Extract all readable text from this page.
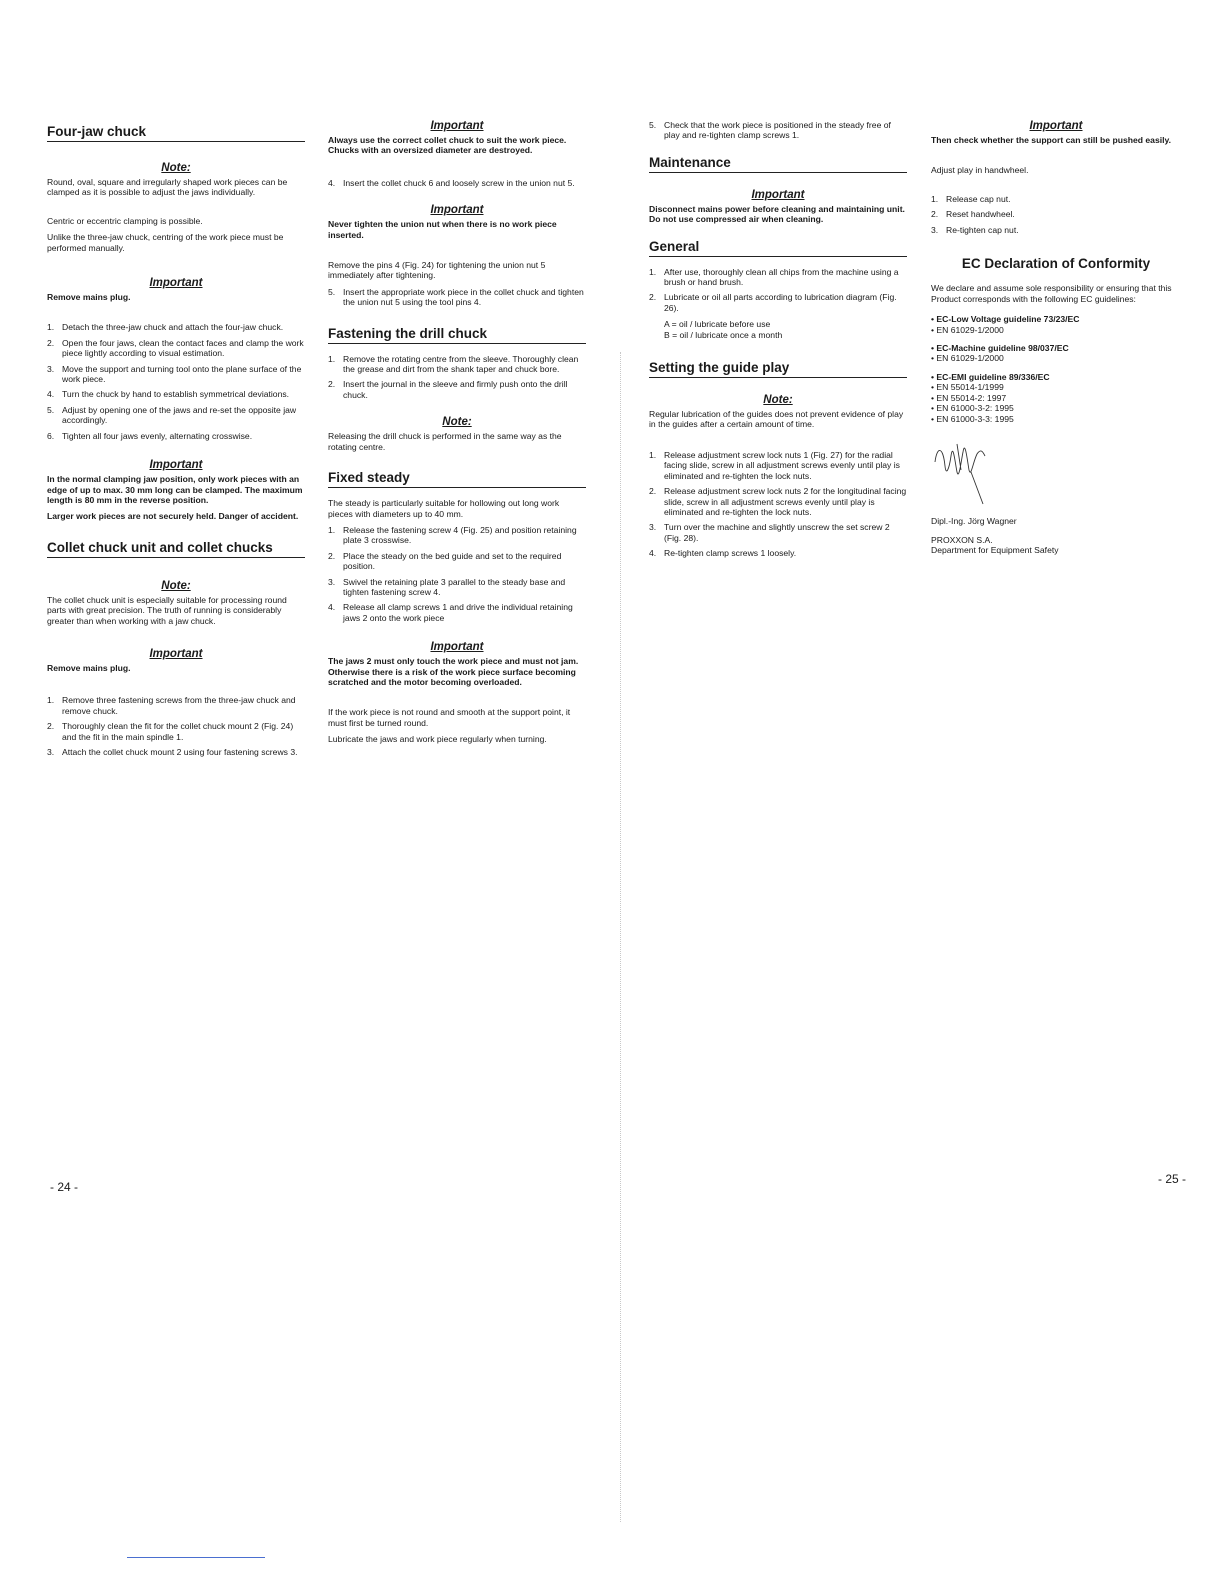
Four-jaw chuck
Note:

Round, oval, square and irregularly shaped work pieces can be clamped as it is possible to adjust the jaws individually.

Centric or eccentric clamping is possible.

Unlike the three-jaw chuck, centring of the work piece must be performed manually.

Important

Remove mains plug.

1. Detach the three-jaw chuck and attach the four-jaw chuck.
2. Open the four jaws, clean the contact faces and clamp the work piece lightly according to visual estimation.
3. Move the support and turning tool onto the plane surface of the work piece.
4. Turn the chuck by hand to establish symmetrical deviations.
5. Adjust by opening one of the jaws and re-set the opposite jaw accordingly.
6. Tighten all four jaws evenly, alternating crosswise.
Important

In the normal clamping jaw position, only work pieces with an edge of up to max. 30 mm long can be clamped. The maximum length is 80 mm in the reverse position.

Larger work pieces are not securely held. Danger of accident.

Collet chuck unit and collet chucks
Note:

The collet chuck unit is especially suitable for processing round parts with great precision. The truth of running is considerably greater than when working with a jaw chuck.

Important

Remove mains plug.

1. Remove three fastening screws from the three-jaw chuck and remove chuck.
2. Thoroughly clean the fit for the collet chuck mount 2 (Fig. 24) and the fit in the main spindle 1.
3. Attach the collet chuck mount 2 using four fastening screws 3.
Important

Always use the correct collet chuck to suit the work piece. Chucks with an oversized diameter are destroyed.

4. Insert the collet chuck 6 and loosely screw in the union nut 5.
Important

Never tighten the union nut when there is no work piece inserted.

Remove the pins 4 (Fig. 24) for tightening the union nut 5 immediately after tightening.

5. Insert the appropriate work piece in the collet chuck and tighten the union nut 5 using the tool pins 4.
Fastening the drill chuck
1. Remove the rotating centre from the sleeve. Thoroughly clean the grease and dirt from the shank taper and chuck bore.
2. Insert the journal in the sleeve and firmly push onto the drill chuck.
Note:

Releasing the drill chuck is performed in the same way as the rotating centre.

Fixed steady

The steady is particularly suitable for hollowing out long work pieces with diameters up to 40 mm.

1. Release the fastening screw 4 (Fig. 25) and position retaining plate 3 crosswise.
2. Place the steady on the bed guide and set to the required position.
3. Swivel the retaining plate 3 parallel to the steady base and tighten fastening screw 4.
4. Release all clamp screws 1 and drive the individual retaining jaws 2 onto the work piece
Important

The jaws 2 must only touch the work piece and must not jam. Otherwise there is a risk of the work piece surface becoming scratched and the motor becoming overloaded.

If the work piece is not round and smooth at the support point, it must first be turned round.

Lubricate the jaws and work piece regularly when turning.

5. Check that the work piece is positioned in the steady free of play and re-tighten clamp screws 1.
Maintenance
Important

Disconnect mains power before cleaning and maintaining unit. Do not use compressed air when cleaning.

General
1. After use, thoroughly clean all chips from the machine using a brush or hand brush.
2. Lubricate or oil all parts according to lubrication diagram (Fig. 26).
A = oil / lubricate before use
B = oil / lubricate once a month
Setting the guide play
Note:

Regular lubrication of the guides does not prevent evidence of play in the guides after a certain amount of time.

1. Release adjustment screw lock nuts 1 (Fig. 27) for the radial facing slide, screw in all adjustment screws evenly until play is eliminated and re-tighten the lock nuts.
2. Release adjustment screw lock nuts 2 for the longitudinal facing slide, screw in all adjustment screws evenly until play is eliminated and re-tighten the lock nuts.
3. Turn over the machine and slightly unscrew the set screw 2 (Fig. 28).
4. Re-tighten clamp screws 1 loosely.
Important

Then check whether the support can still be pushed easily.

Adjust play in handwheel.

1. Release cap nut.
2. Reset handwheel.
3. Re-tighten cap nut.
EC Declaration of Conformity

We declare and assume sole responsibility or ensuring that this Product corresponds with the following EC guidelines:

• EC-Low Voltage guideline 73/23/EC
• EN 61029-1/2000
• EC-Machine guideline 98/037/EC
• EN 61029-1/2000
• EC-EMI guideline 89/336/EC
• EN 55014-1/1999
• EN 55014-2: 1997
• EN 61000-3-2: 1995
• EN 61000-3-3: 1995
Dipl.-Ing. Jörg Wagner
PROXXON S.A.
Department for Equipment Safety
- 24 -
- 25 -
